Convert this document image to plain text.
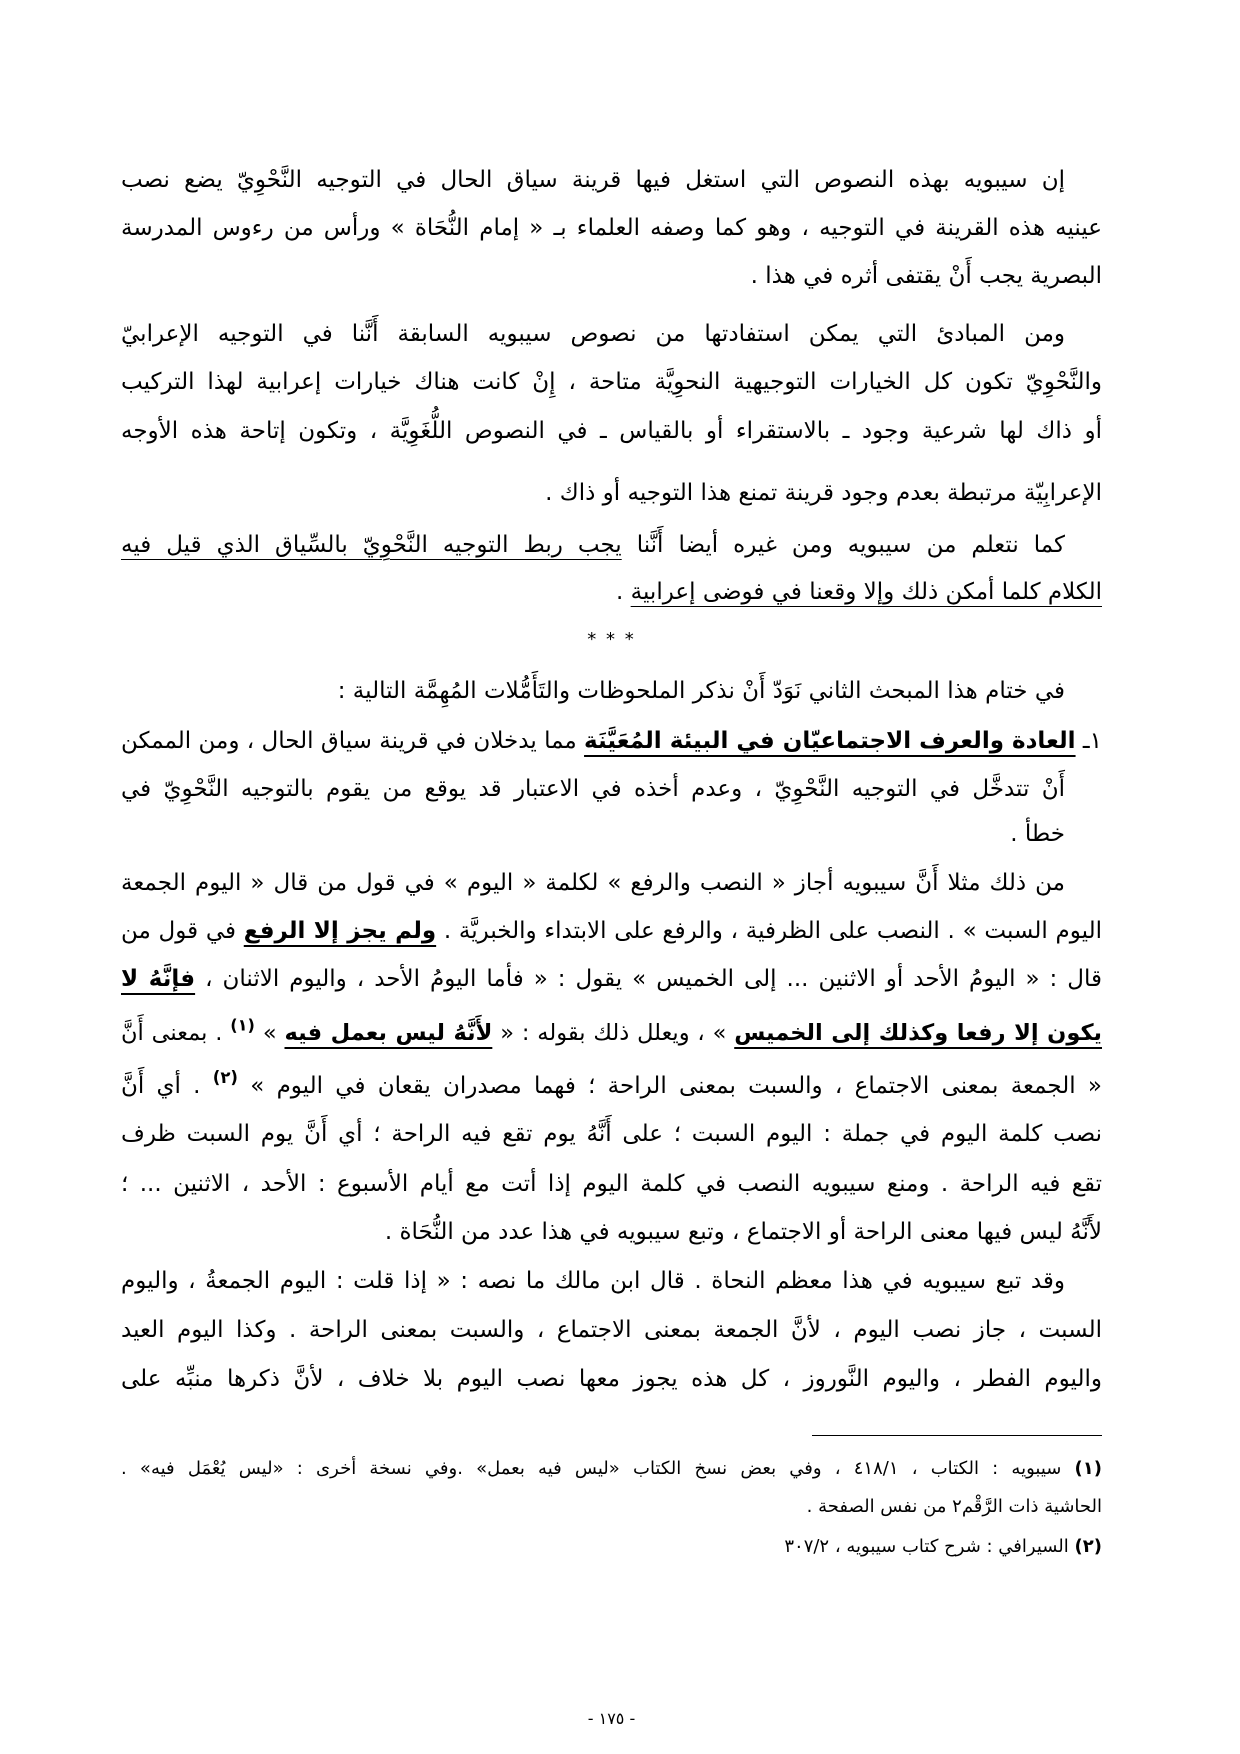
إن سيبويه بهذه النصوص التي استغل فيها قرينة سياق الحال في التوجيه النَّحْوِيّ يضع نصب
عينيه هذه القرينة في التوجيه ، وهو كما وصفه العلماء بـ « إمام النُّحَاة » ورأس من رءوس المدرسة
البصرية يجب أَنْ يقتفى أثره في هذا .
ومن المبادئ التي يمكن استفادتها من نصوص سيبويه السابقة أَنَّنا في التوجيه الإعرابيّ
والنَّحْوِيّ تكون كل الخيارات التوجيهية النحوِيَّة متاحة ، إِنْ كانت هناك خيارات إعرابية لهذا التركيب
أو ذاك لها شرعية وجود ـ بالاستقراء أو بالقياس ـ في النصوص اللُّغَوِيَّة ، وتكون إتاحة هذه الأوجه
الإعرابِيّة مرتبطة بعدم وجود قرينة تمنع هذا التوجيه أو ذاك .
كما نتعلم من سيبويه ومن غيره أيضا أَنَّنا يجب ربط التوجيه النَّحْوِيّ بالسِّياق الذي قيل فيه
الكلام كلما أمكن ذلك وإلا وقعنا في فوضى إعرابية .
* * *
في ختام هذا المبحث الثاني نَوَدّ أَنْ نذكر الملحوظات والتَأَمُّلات المُهِمَّة التالية :
١ـ العادة والعرف الاجتماعيّان في البيئة المُعَيَّنَة مما يدخلان في قرينة سياق الحال ، ومن الممكن
أَنْ تتدخَّل في التوجيه النَّحْوِيّ ، وعدم أخذه في الاعتبار قد يوقع من يقوم بالتوجيه النَّحْوِيّ في
خطأ .
من ذلك مثلا أَنَّ سيبويه أجاز « النصب والرفع » لكلمة « اليوم » في قول من قال « اليوم الجمعة
اليوم السبت » . النصب على الظرفية ، والرفع على الابتداء والخبريَّة . ولم يجز إلا الرفع في قول من
قال : « اليومُ الأحد أو الاثنين ... إلى الخميس » يقول : « فأما اليومُ الأحد ، واليوم الاثنان ، فإنَّهُ لا
يكون إلا رفعا وكذلك إلى الخميس » ، ويعلل ذلك بقوله : « لأَنَّهُ ليس بعمل فيه » $^{(١)}$ . بمعنى أَنَّ
« الجمعة بمعنى الاجتماع ، والسبت بمعنى الراحة ؛ فهما مصدران يقعان في اليوم » $^{(٢)}$ . أي أَنَّ
نصب كلمة اليوم في جملة : اليوم السبت ؛ على أَنَّهُ يوم تقع فيه الراحة ؛ أي أَنَّ يوم السبت ظرف
تقع فيه الراحة . ومنع سيبويه النصب في كلمة اليوم إذا أتت مع أيام الأسبوع : الأحد ، الاثنين ... ؛
لأَنَّهُ ليس فيها معنى الراحة أو الاجتماع ، وتبع سيبويه في هذا عدد من النُّحَاة .
وقد تبع سيبويه في هذا معظم النحاة . قال ابن مالك ما نصه : « إذا قلت : اليوم الجمعةُ ، واليوم
السبت ، جاز نصب اليوم ، لأنَّ الجمعة بمعنى الاجتماع ، والسبت بمعنى الراحة . وكذا اليوم العيد
واليوم الفطر ، واليوم النَّوروز ، كل هذه يجوز معها نصب اليوم بلا خلاف ، لأنَّ ذكرها منبِّه على
(١) سيبويه : الكتاب ، ٤١٨/١ ، وفي بعض نسخ الكتاب «ليس فيه بعمل» .وفي نسخة أخرى : «ليس يُعْمَل فيه» .
الحاشية ذات الرَّقْم٢ من نفس الصفحة .
(٢) السيرافي : شرح كتاب سيبويه ، ٣٠٧/٢
- ١٧٥ -
